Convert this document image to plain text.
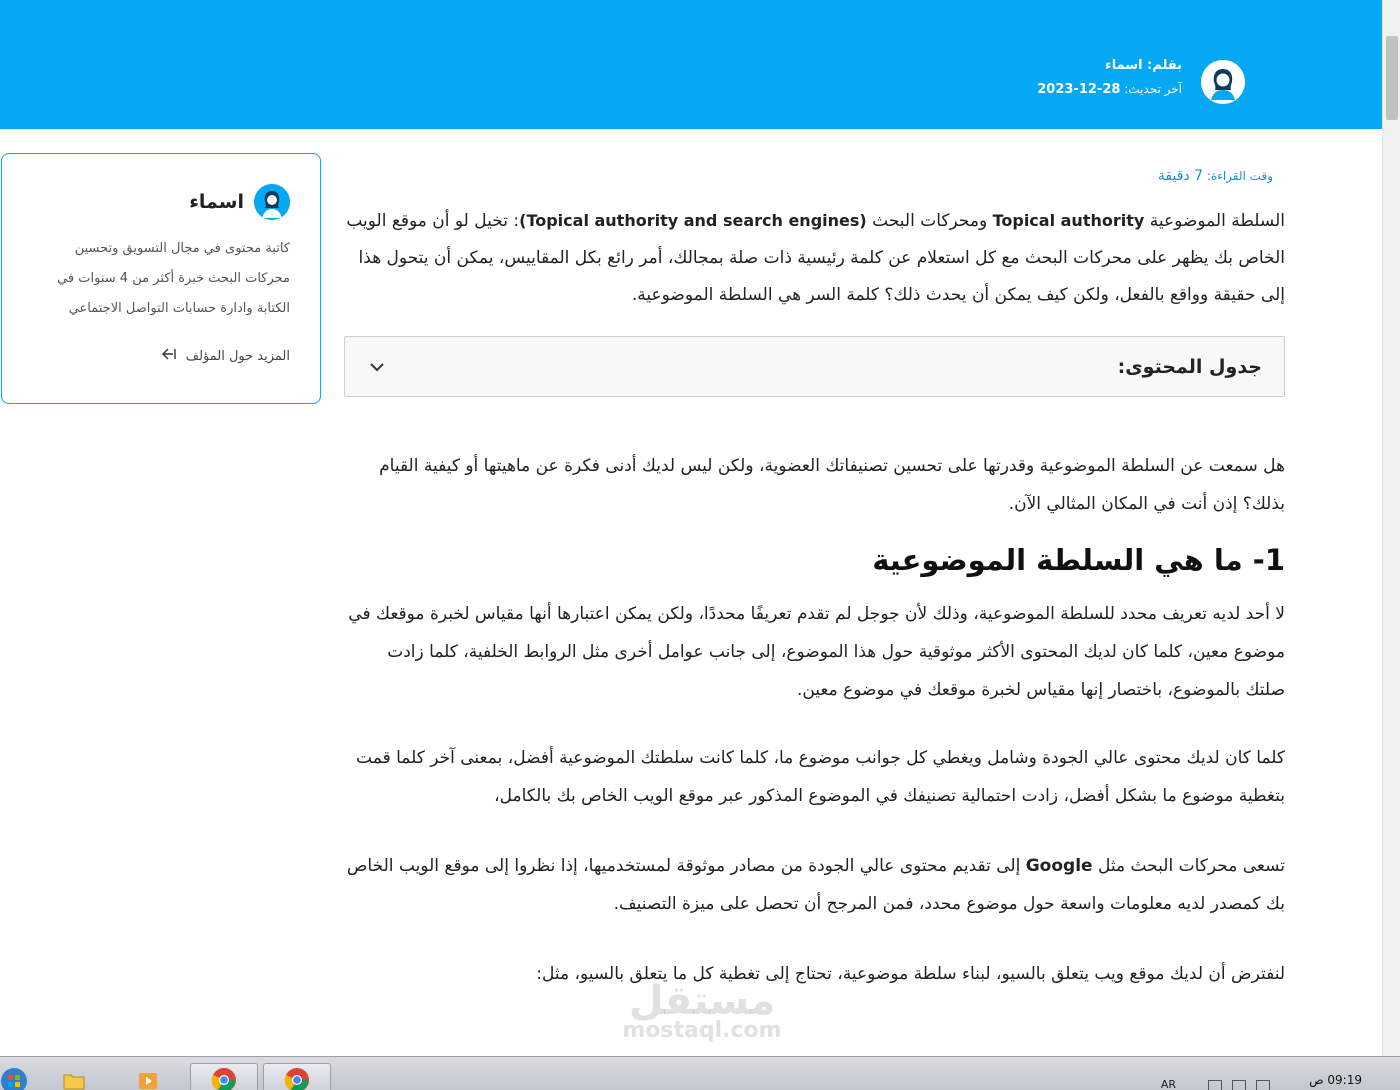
بقلم: اسماء
آخر تحديث: 28-12-2023
اسماء
كاتبة محتوى في مجال التسويق وتحسين محركات البحث خبرة أكثر من 4 سنوات في الكتابة وادارة حسابات التواصل الاجتماعي
المزيد حول المؤلف
وقت القراءة: 7 دقيقة

السلطة الموضوعية Topical authority ومحركات البحث (Topical authority and search engines): تخيل لو أن موقع الويب الخاص بك يظهر على محركات البحث مع كل استعلام عن كلمة رئيسية ذات صلة بمجالك، أمر رائع بكل المقاييس، يمكن أن يتحول هذا إلى حقيقة وواقع بالفعل، ولكن كيف يمكن أن يحدث ذلك؟ كلمة السر هي السلطة الموضوعية.

جدول المحتوى:

هل سمعت عن السلطة الموضوعية وقدرتها على تحسين تصنيفاتك العضوية، ولكن ليس لديك أدنى فكرة عن ماهيتها أو كيفية القيام بذلك؟ إذن أنت في المكان المثالي الآن.

1- ما هي السلطة الموضوعية

لا أحد لديه تعريف محدد للسلطة الموضوعية، وذلك لأن جوجل لم تقدم تعريفًا محددًا، ولكن يمكن اعتبارها أنها مقياس لخبرة موقعك في موضوع معين، كلما كان لديك المحتوى الأكثر موثوقية حول هذا الموضوع، إلى جانب عوامل أخرى مثل الروابط الخلفية، كلما زادت صلتك بالموضوع، باختصار إنها مقياس لخبرة موقعك في موضوع معين.

كلما كان لديك محتوى عالي الجودة وشامل ويغطي كل جوانب موضوع ما، كلما كانت سلطتك الموضوعية أفضل، بمعنى آخر كلما قمت بتغطية موضوع ما بشكل أفضل، زادت احتمالية تصنيفك في الموضوع المذكور عبر موقع الويب الخاص بك بالكامل،

تسعى محركات البحث مثل Google إلى تقديم محتوى عالي الجودة من مصادر موثوقة لمستخدميها، إذا نظروا إلى موقع الويب الخاص بك كمصدر لديه معلومات واسعة حول موضوع محدد، فمن المرجح أن تحصل على ميزة التصنيف.

لنفترض أن لديك موقع ويب يتعلق بالسيو، لبناء سلطة موضوعية، تحتاج إلى تغطية كل ما يتعلق بالسيو، مثل:

مستقل
mostaql.com
AR	09:19 ص
